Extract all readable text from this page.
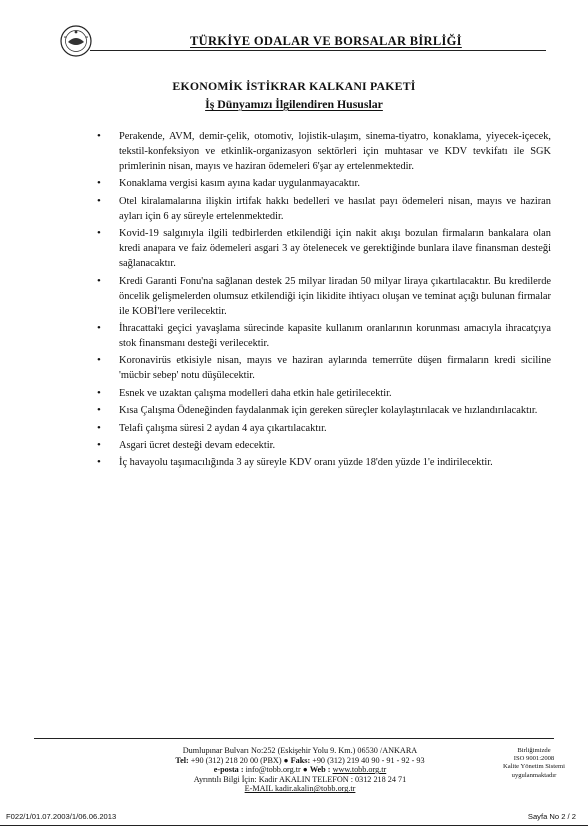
TÜRKİYE ODALAR VE BORSALAR BİRLİĞİ
EKONOMİK İSTİKRAR KALKANI PAKETİ
İş Dünyamızı İlgilendiren Hususlar
• Perakende, AVM, demir-çelik, otomotiv, lojistik-ulaşım, sinema-tiyatro, konaklama, yiyecek-içecek, tekstil-konfeksiyon ve etkinlik-organizasyon sektörleri için muhtasar ve KDV tevkifatı ile SGK primlerinin nisan, mayıs ve haziran ödemeleri 6'şar ay ertelenmektedir.
• Konaklama vergisi kasım ayına kadar uygulanmayacaktır.
• Otel kiralamalarına ilişkin irtifak hakkı bedelleri ve hasılat payı ödemeleri nisan, mayıs ve haziran ayları için 6 ay süreyle ertelenmektedir.
• Kovid-19 salgınıyla ilgili tedbirlerden etkilendiği için nakit akışı bozulan firmaların bankalara olan kredi anapara ve faiz ödemeleri asgari 3 ay ötelenecek ve gerektiğinde bunlara ilave finansman desteği sağlanacaktır.
• Kredi Garanti Fonu'na sağlanan destek 25 milyar liradan 50 milyar liraya çıkartılacaktır. Bu kredilerde öncelik gelişmelerden olumsuz etkilendiği için likidite ihtiyacı oluşan ve teminat açığı bulunan firmalar ile KOBİ'lere verilecektir.
• İhracattaki geçici yavaşlama sürecinde kapasite kullanım oranlarının korunması amacıyla ihracatçıya stok finansmanı desteği verilecektir.
• Koronavirüs etkisiyle nisan, mayıs ve haziran aylarında temerrüte düşen firmaların kredi siciline 'mücbir sebep' notu düşülecektir.
• Esnek ve uzaktan çalışma modelleri daha etkin hale getirilecektir.
• Kısa Çalışma Ödeneğinden faydalanmak için gereken süreçler kolaylaştırılacak ve hızlandırılacaktır.
• Telafi çalışma süresi 2 aydan 4 aya çıkartılacaktır.
• Asgari ücret desteği devam edecektir.
• İç havayolu taşımacılığında 3 ay süreyle KDV oranı yüzde 18'den yüzde 1'e indirilecektir.
Dumlupınar Bulvarı No:252 (Eskişehir Yolu 9. Km.) 06530 /ANKARA
Tel: +90 (312) 218 20 00 (PBX) ● Faks: +90 (312) 219 40 90 - 91 - 92 - 93
e-posta : info@tobb.org.tr ● Web : www.tobb.org.tr
Ayrıntılı Bilgi İçin: Kadir AKALIN TELEFON : 0312 218 24 71
E-MAIL kadir.akalin@tobb.org.tr
Birliğimizde
ISO 9001:2008
Kalite Yönetim Sistemi
uygulanmaktadır
F022/1/01.07.2003/1/06.06.2013	Sayfa No 2 / 2
